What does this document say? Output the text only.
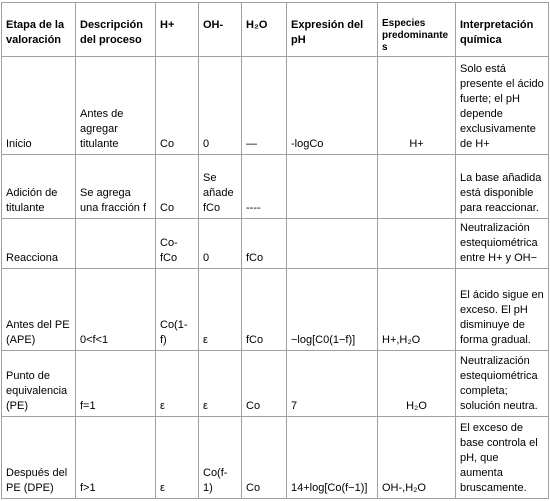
Etapa de la valoración	Descripción del proceso	H+	OH-	H₂O	Expresión del pH	Especies predominante s	Interpretación química
Inicio	Antes de agregar titulante	Co	0	—	-logCo	H+	Solo está presente el ácido fuerte; el pH depende exclusivamente de H+
Adición de titulante	Se agrega una fracción f	Co	Se añade fCo	----			La base añadida está disponible para reaccionar.
Reacciona		Co-fCo	0	fCo			Neutralización estequiométrica entre H+ y OH−
Antes del PE (APE)	0<f<1	Co(1-f)	ε	fCo	−log[C0(1−f)]	H+,H₂O	El ácido sigue en exceso. El pH disminuye de forma gradual.
Punto de equivalencia (PE)	f=1	ε	ε	Co	7	H₂O	Neutralización estequiométrica completa; solución neutra.
Después del PE (DPE)	f>1	ε	Co(f-1)	Co	14+log[Co(f−1)]	OH-,H₂O	El exceso de base controla el pH, que aumenta bruscamente.
